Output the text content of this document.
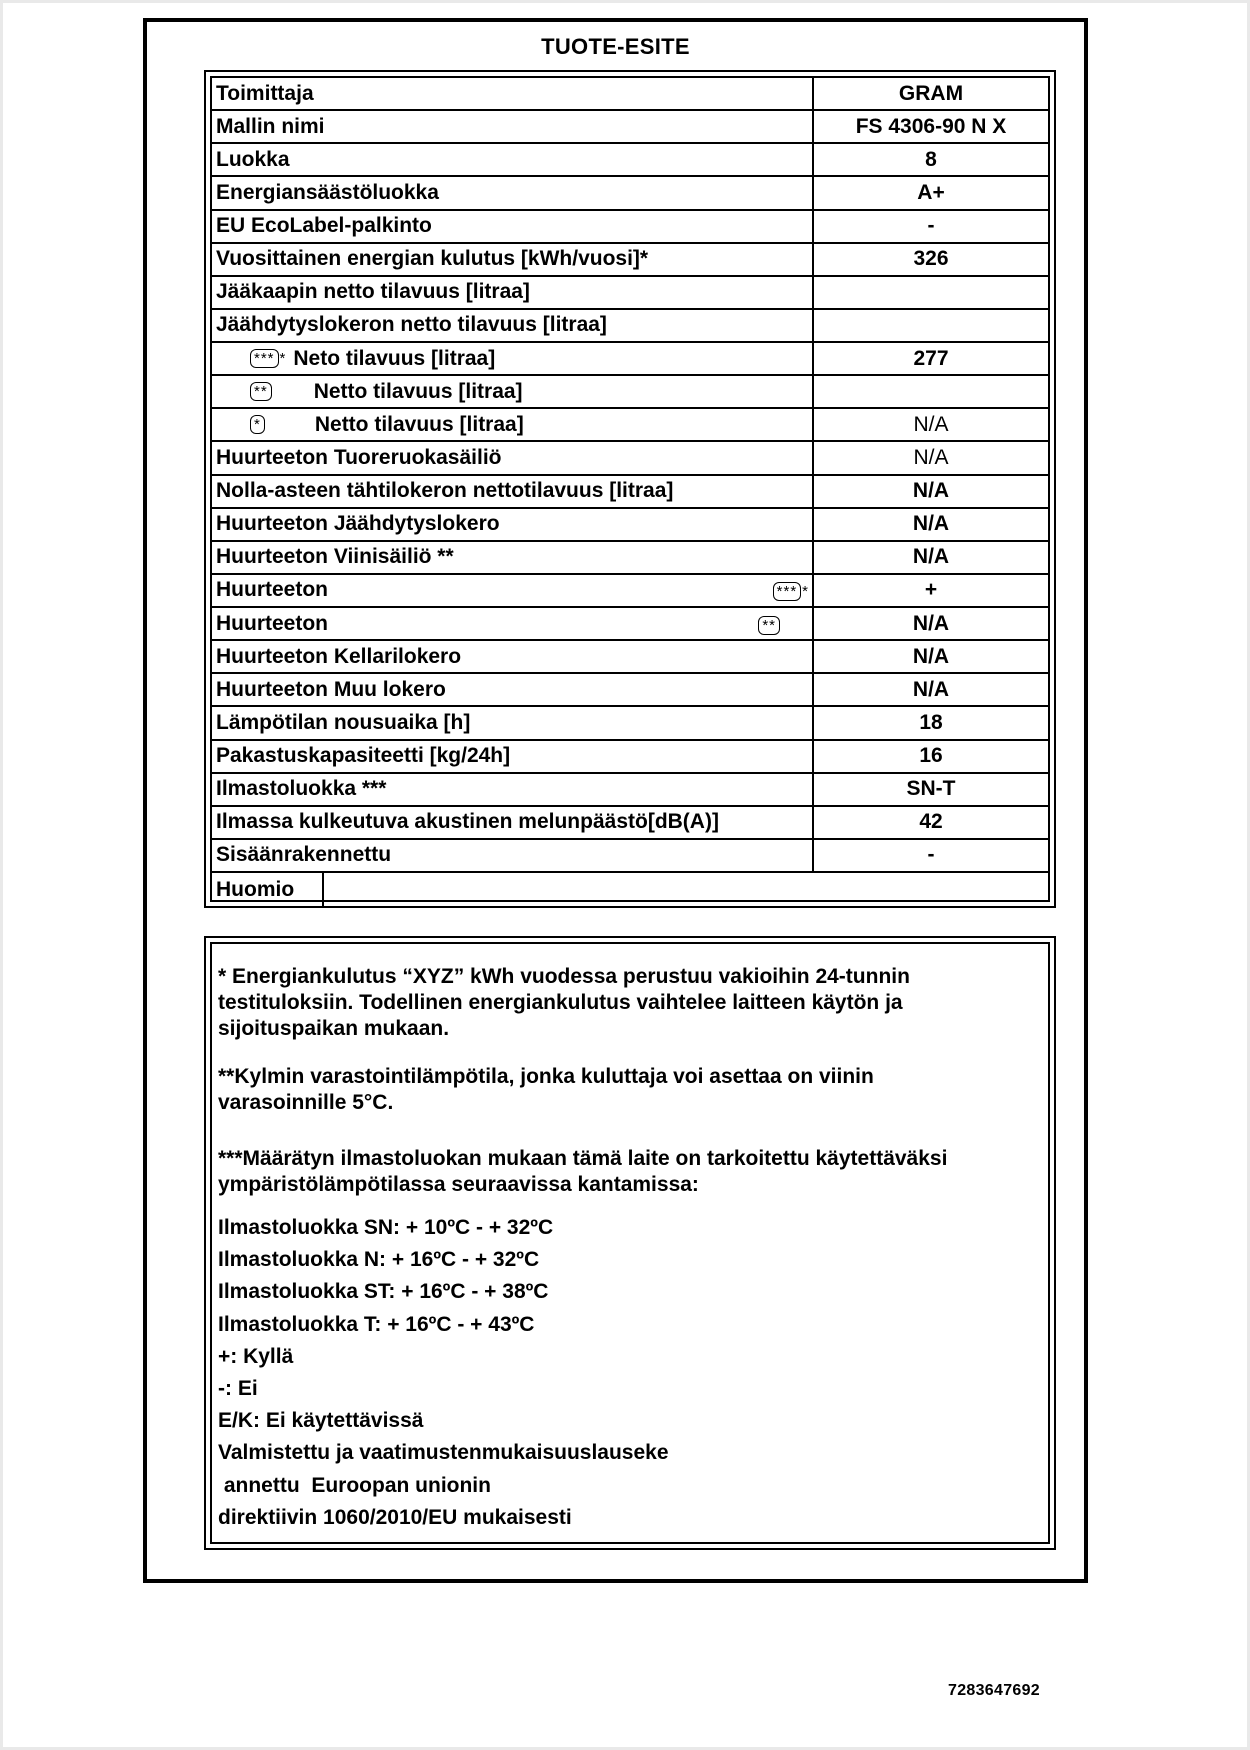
TUOTE-ESITE
Toimittaja	GRAM
Mallin nimi	FS 4306-90 N X
Luokka	8
Energiansäästöluokka	A+
EU EcoLabel-palkinto	-
Vuosittainen energian kulutus [kWh/vuosi]*	326
Jääkaapin netto tilavuus [litraa]
Jäähdytyslokeron netto tilavuus [litraa]
*** * Neto tilavuus [litraa]	277
** Netto tilavuus [litraa]
*	Netto tilavuus [litraa]	N/A
Huurteeton Tuoreruokasäiliö	N/A
Nolla-asteen tähtilokeron nettotilavuus [litraa]	N/A
Huurteeton Jäähdytyslokero	N/A
Huurteeton Viinisäiliö **	N/A
Huurteeton	*** *	+
Huurteeton	**	N/A
Huurteeton Kellarilokero	N/A
Huurteeton Muu lokero	N/A
Lämpötilan nousuaika [h]	18
Pakastuskapasiteetti [kg/24h]	16
Ilmastoluokka ***	SN-T
Ilmassa kulkeutuva akustinen melunpäästö[dB(A)]	42
Sisäänrakennettu	-
Huomio

* Energiankulutus “XYZ” kWh vuodessa perustuu vakioihin 24-tunnin
testituloksiin. Todellinen energiankulutus vaihtelee laitteen käytön ja
sijoituspaikan mukaan.

**Kylmin varastointilämpötila, jonka kuluttaja voi asettaa on viinin
varasoinnille 5°C.

***Määrätyn ilmastoluokan mukaan tämä laite on tarkoitettu käytettäväksi
ympäristölämpötilassa seuraavissa kantamissa:

Ilmastoluokka SN: + 10ºC - + 32ºC
Ilmastoluokka N: + 16ºC - + 32ºC
Ilmastoluokka ST: + 16ºC - + 38ºC
Ilmastoluokka T: + 16ºC - + 43ºC
+: Kyllä
-: Ei
E/K: Ei käytettävissä
Valmistettu ja vaatimustenmukaisuuslauseke
annettu  Euroopan unionin
direktiivin 1060/2010/EU mukaisesti
7283647692
